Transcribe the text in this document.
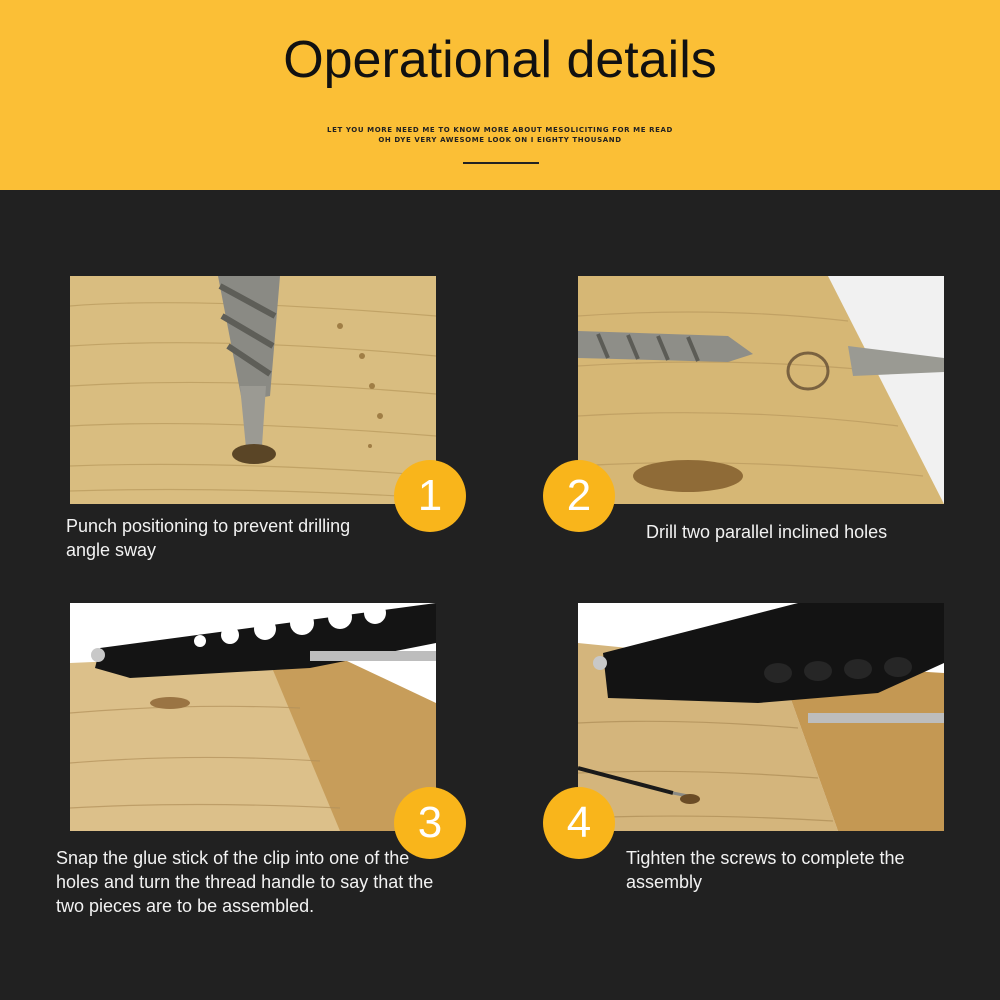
Operational details
LET YOU MORE NEED ME TO KNOW MORE ABOUT MESOLICITING FOR ME READ
OH DYE VERY AWESOME LOOK ON I EIGHTY THOUSAND
1
Punch positioning to prevent drilling angle sway
2
Drill two parallel inclined holes
3
Snap the glue stick of the clip into one of the holes and turn the thread handle to say that the two pieces are to be assembled.
4
Tighten the screws to complete the assembly
